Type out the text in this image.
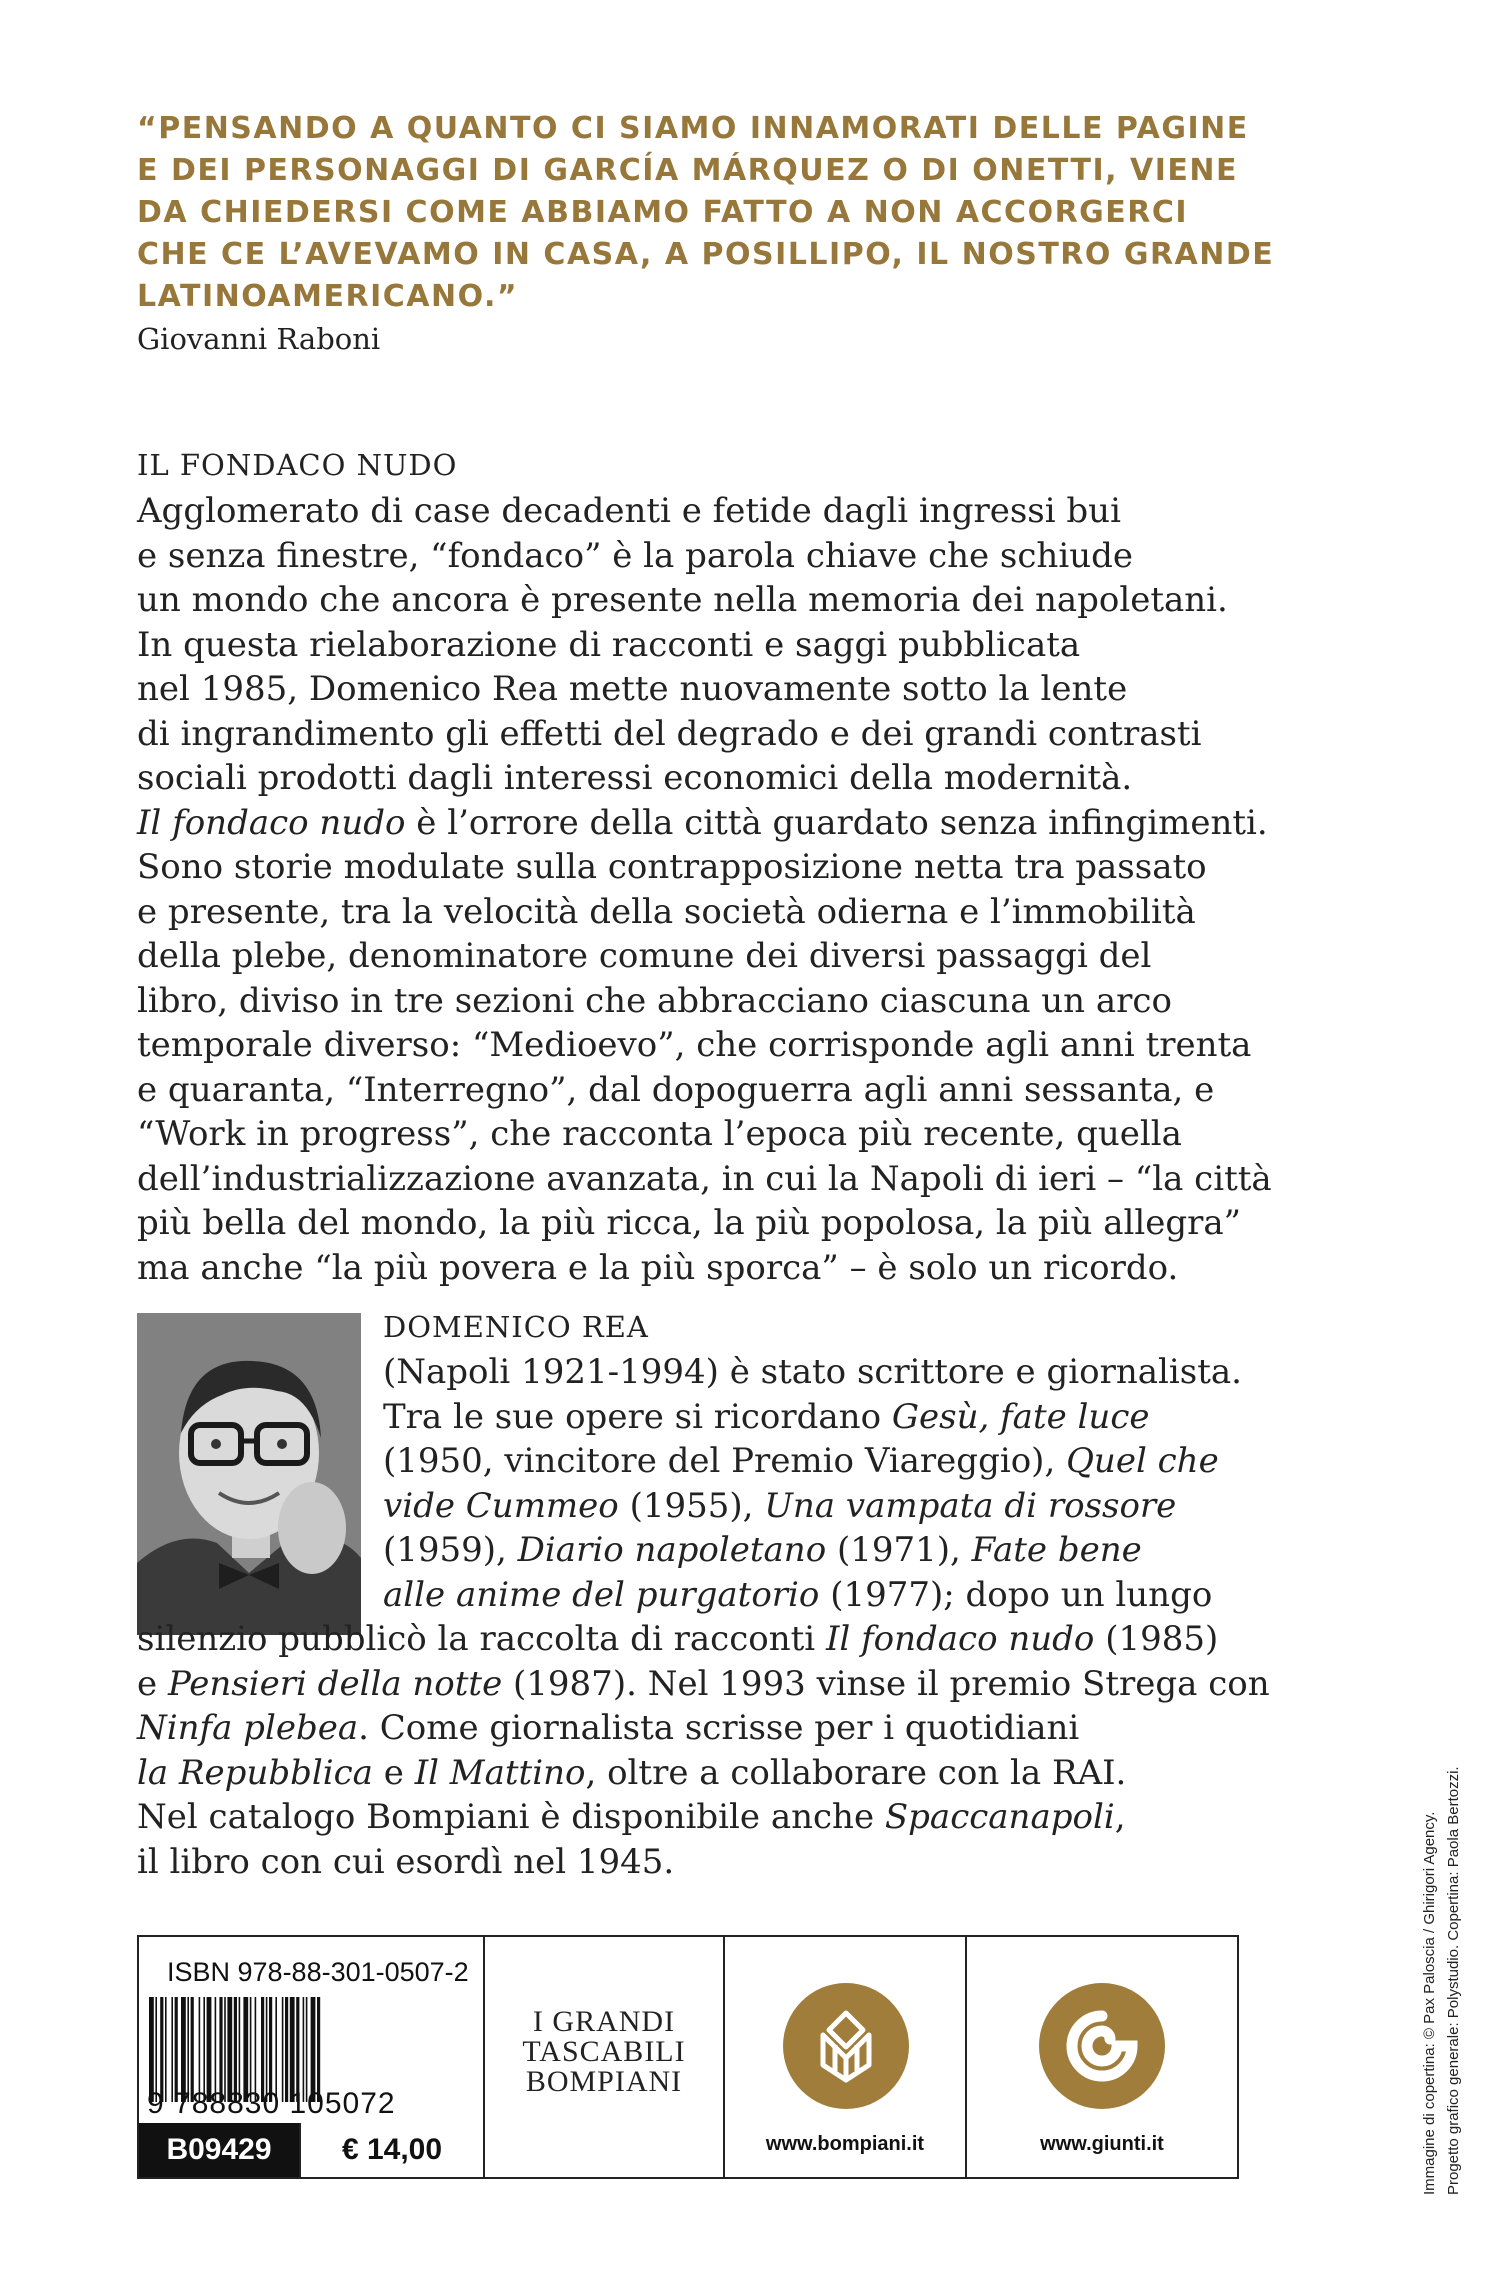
“PENSANDO A QUANTO CI SIAMO INNAMORATI DELLE PAGINE
E DEI PERSONAGGI DI GARCÍA MÁRQUEZ O DI ONETTI, VIENE
DA CHIEDERSI COME ABBIAMO FATTO A NON ACCORGERCI
CHE CE L’AVEVAMO IN CASA, A POSILLIPO, IL NOSTRO GRANDE
LATINOAMERICANO.”
Giovanni Raboni
IL FONDACO NUDO
Agglomerato di case decadenti e fetide dagli ingressi bui
e senza finestre, “fondaco” è la parola chiave che schiude
un mondo che ancora è presente nella memoria dei napoletani.
In questa rielaborazione di racconti e saggi pubblicata
nel 1985, Domenico Rea mette nuovamente sotto la lente
di ingrandimento gli effetti del degrado e dei grandi contrasti
sociali prodotti dagli interessi economici della modernità.
Il fondaco nudo è l’orrore della città guardato senza infingimenti.
Sono storie modulate sulla contrapposizione netta tra passato
e presente, tra la velocità della società odierna e l’immobilità
della plebe, denominatore comune dei diversi passaggi del
libro, diviso in tre sezioni che abbracciano ciascuna un arco
temporale diverso: “Medioevo”, che corrisponde agli anni trenta
e quaranta, “Interregno”, dal dopoguerra agli anni sessanta, e
“Work in progress”, che racconta l’epoca più recente, quella
dell’industrializzazione avanzata, in cui la Napoli di ieri – “la città
più bella del mondo, la più ricca, la più popolosa, la più allegra”
ma anche “la più povera e la più sporca” – è solo un ricordo.
DOMENICO REA
(Napoli 1921-1994) è stato scrittore e giornalista.
Tra le sue opere si ricordano Gesù, fate luce
(1950, vincitore del Premio Viareggio), Quel che
vide Cummeo (1955), Una vampata di rossore
(1959), Diario napoletano (1971), Fate bene
alle anime del purgatorio (1977); dopo un lungo
silenzio pubblicò la raccolta di racconti Il fondaco nudo (1985)
e Pensieri della notte (1987). Nel 1993 vinse il premio Strega con
Ninfa plebea. Come giornalista scrisse per i quotidiani
la Repubblica e Il Mattino, oltre a collaborare con la RAI.
Nel catalogo Bompiani è disponibile anche Spaccanapoli,
il libro con cui esordì nel 1945.
ISBN 978-88-301-0507-2
9 788830 105072
B09429	€ 14,00
I GRANDI
TASCABILI
BOMPIANI
www.bompiani.it	www.giunti.it	Immagine di copertina: © Pax Paloscia / Ghirigori Agency. Progetto grafico generale: Polystudio. Copertina: Paola Bertozzi.
